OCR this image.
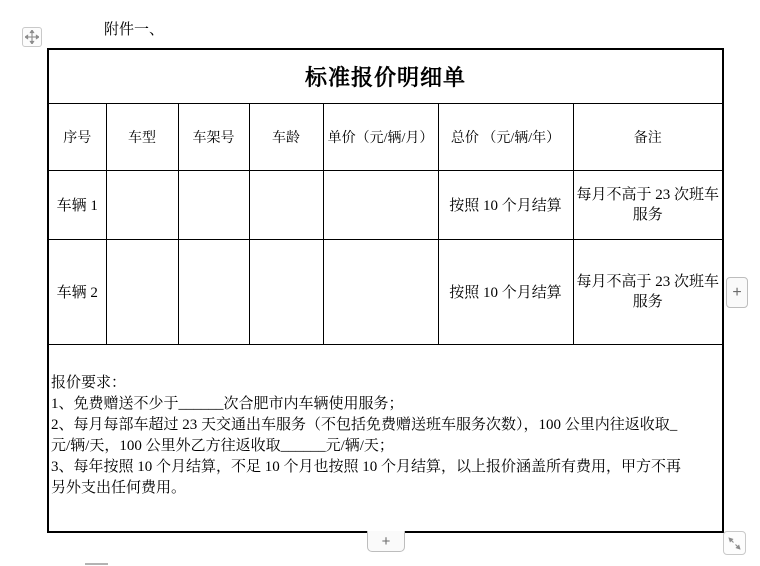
附件一、
标准报价明细单						
序号	车型	车架号	车龄	单价（元/辆/月）	总价 （元/辆/年）	备注
车辆 1					按照 10 个月结算	每月不高于 23 次班车服务
车辆 2					按照 10 个月结算	每月不高于 23 次班车服务

报价要求：
1、免费赠送不少于______次合肥市内车辆使用服务；
2、每月每部车超过 23 天交通出车服务（不包括免费赠送班车服务次数），100 公里内往返收取_
元/辆/天，100 公里外乙方往返收取______元/辆/天；
3、每年按照 10 个月结算，不足 10 个月也按照 10 个月结算，以上报价涵盖所有费用，甲方不再
另外支出任何费用。
+
+
